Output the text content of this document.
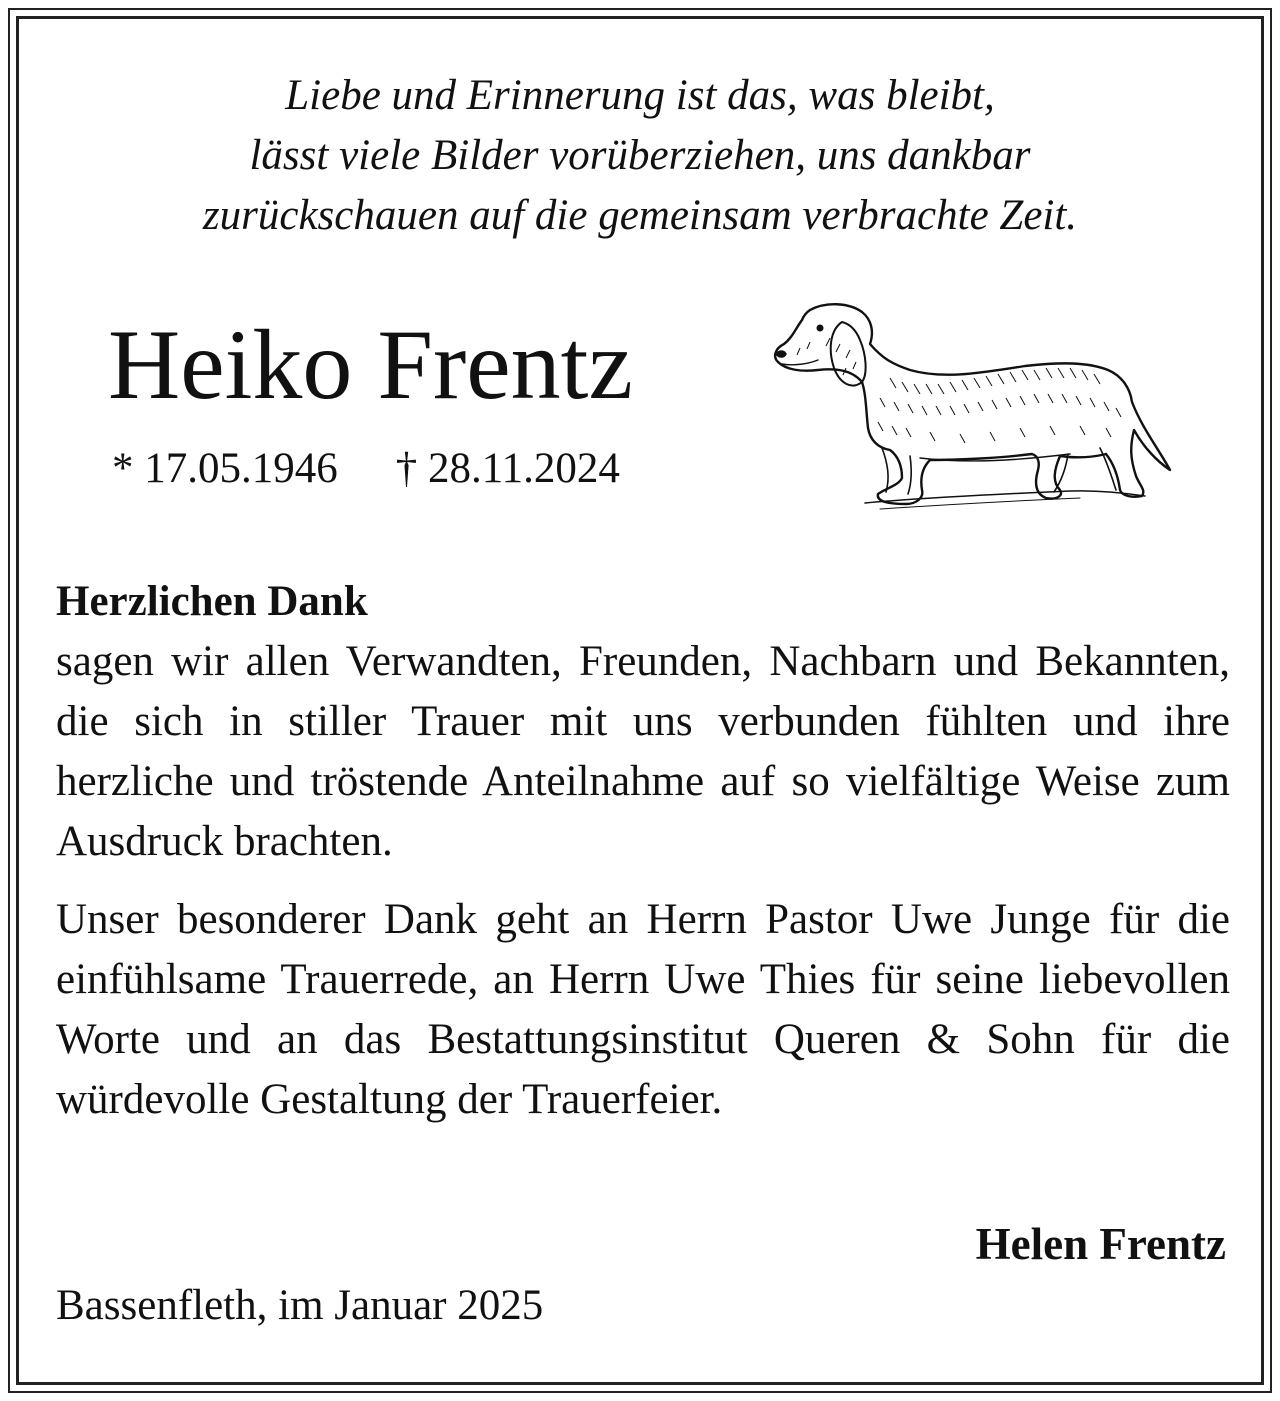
Liebe und Erinnerung ist das, was bleibt,
lässt viele Bilder vorüberziehen, uns dankbar
zurückschauen auf die gemeinsam verbrachte Zeit.
Heiko Frentz
* 17.05.1946 † 28.11.2024

Herzlichen Dank

sagen wir allen Verwandten, Freunden, Nachbarn und Bekannten, die sich in stiller Trauer mit uns verbunden fühlten und ihre herzliche und tröstende Anteilnahme auf so vielfältige Weise zum Ausdruck brachten.

Unser besonderer Dank geht an Herrn Pastor Uwe Junge für die einfühlsame Trauerrede, an Herrn Uwe Thies für seine liebevollen Worte und an das Bestattungsinstitut Queren & Sohn für die würdevolle Gestaltung der Trauerfeier.

Helen Frentz
Bassenfleth, im Januar 2025
